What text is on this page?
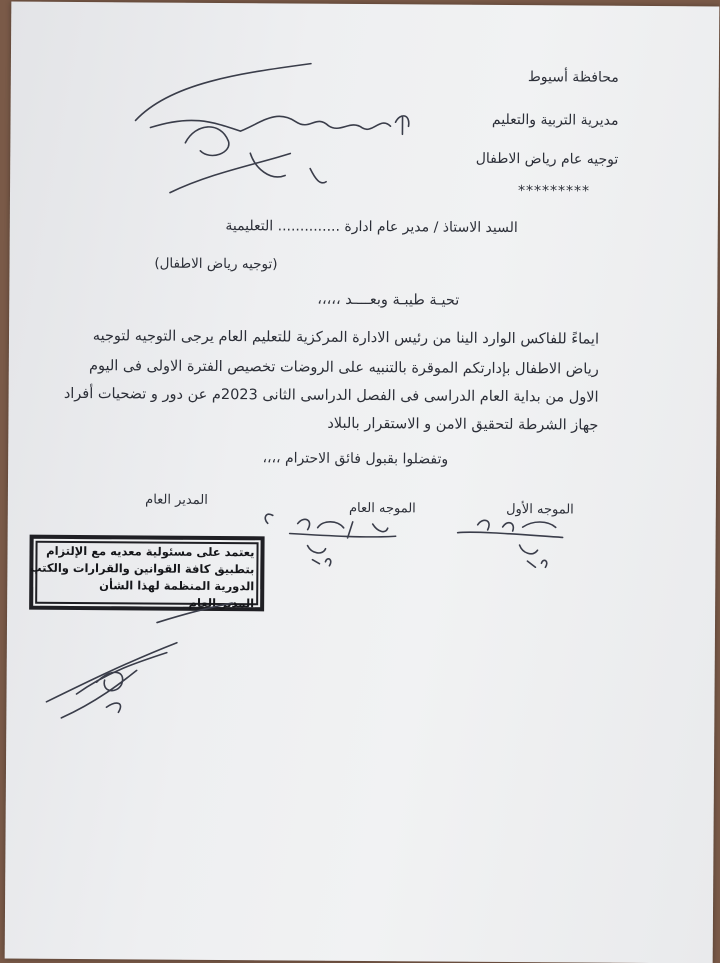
محافظة أسيوط
مديرية التربية والتعليم
توجيه عام رياض الاطفال
*********
السيد الاستاذ / مدير عام ادارة .............. التعليمية
(توجيه رياض الاطفال)
تحيـة طيبـة وبعــــد ،،،،،
ايماءً للفاكس الوارد الينا من رئيس الادارة المركزية للتعليم العام يرجى التوجيه لتوجيه
رياض الاطفال بإدارتكم الموقرة بالتنبيه على الروضات تخصيص الفترة الاولى فى اليوم
الاول من بداية العام الدراسى فى الفصل الدراسى الثانى 2023م عن دور و تضحيات أفراد
جهاز الشرطة لتحقيق الامن و الاستقرار بالبلاد
وتفضلوا بقبول فائق الاحترام ،،،،
الموجه الأول
الموجه العام
المدير العام
يعتمد على مسئولية معديه مع الإلتزام
بتطبيق كافة القوانين والقرارات والكتب
الدورية المنظمة لهذا الشأن
المدير العام
